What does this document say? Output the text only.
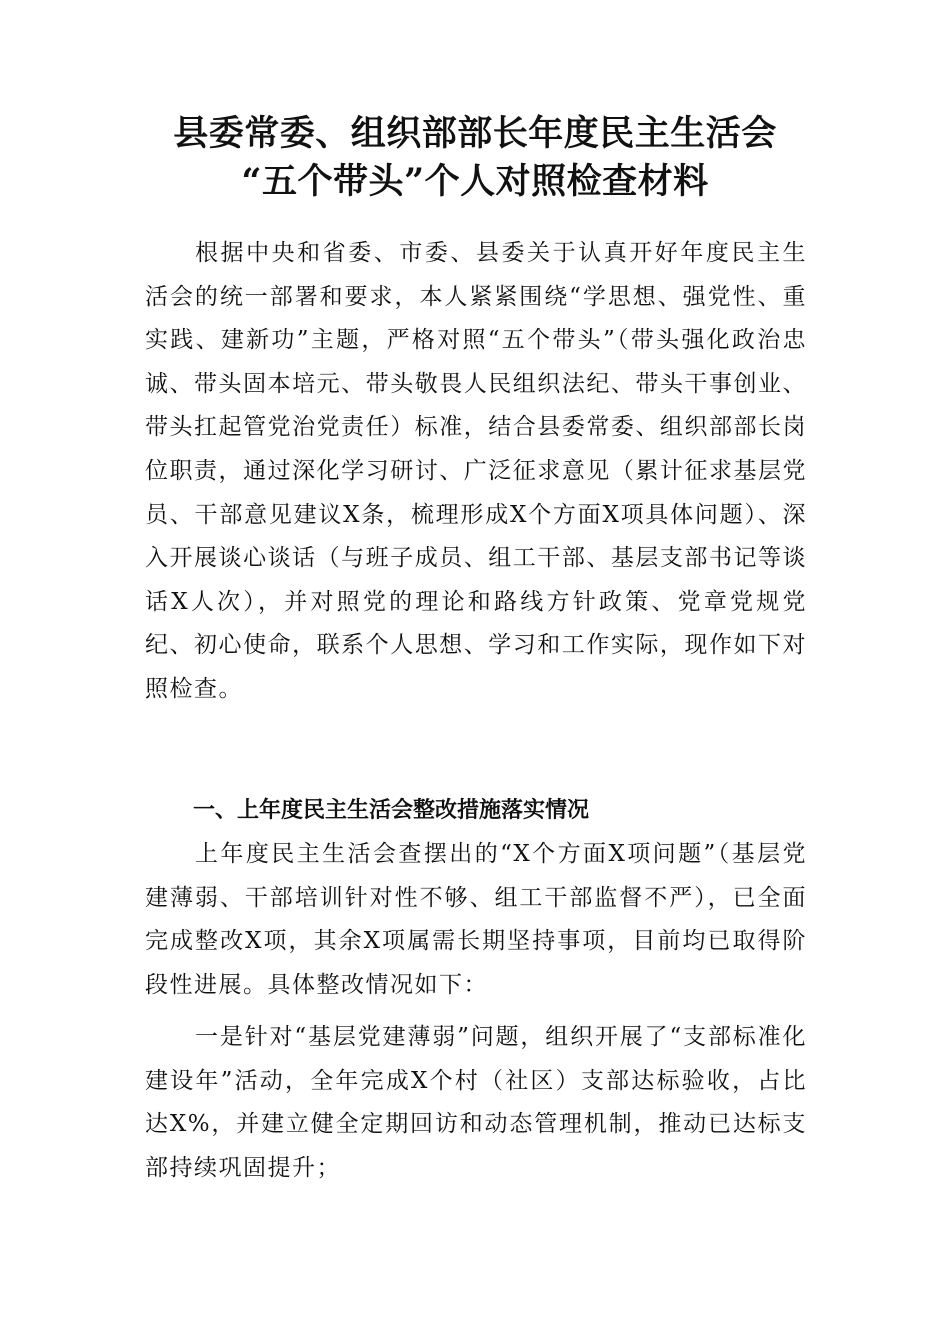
县委常委、组织部部长年度民主生活会
“五个带头”个人对照检查材料
根据中央和省委、市委、县委关于认真开好年度民主生活会的统一部署和要求，本人紧紧围绕“学思想、强党性、重实践、建新功”主题，严格对照“五个带头”（带头强化政治忠诚、带头固本培元、带头敬畏人民组织法纪、带头干事创业、带头扛起管党治党责任）标准，结合县委常委、组织部部长岗位职责，通过深化学习研讨、广泛征求意见（累计征求基层党员、干部意见建议X条，梳理形成X个方面X项具体问题）、深入开展谈心谈话（与班子成员、组工干部、基层支部书记等谈话X人次），并对照党的理论和路线方针政策、党章党规党纪、初心使命，联系个人思想、学习和工作实际，现作如下对照检查。
一、上年度民主生活会整改措施落实情况
上年度民主生活会查摆出的“X个方面X项问题”（基层党建薄弱、干部培训针对性不够、组工干部监督不严），已全面完成整改X项，其余X项属需长期坚持事项，目前均已取得阶段性进展。具体整改情况如下：
一是针对“基层党建薄弱”问题，组织开展了“支部标准化建设年”活动，全年完成X个村（社区）支部达标验收，占比达X%，并建立健全定期回访和动态管理机制，推动已达标支部持续巩固提升；
